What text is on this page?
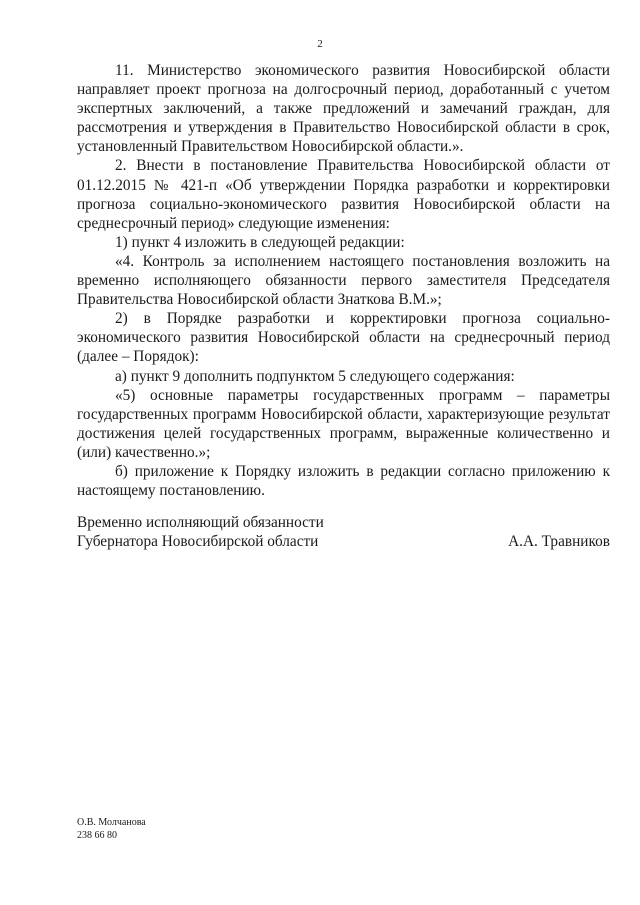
2

11. Министерство экономического развития Новосибирской области направляет проект прогноза на долгосрочный период, доработанный с учетом экспертных заключений, а также предложений и замечаний граждан, для рассмотрения и утверждения в Правительство Новосибирской области в срок, установленный Правительством Новосибирской области.».

2. Внести в постановление Правительства Новосибирской области от 01.12.2015 № 421-п «Об утверждении Порядка разработки и корректировки прогноза социально-экономического развития Новосибирской области на среднесрочный период» следующие изменения:

1) пункт 4 изложить в следующей редакции:

«4. Контроль за исполнением настоящего постановления возложить на временно исполняющего обязанности первого заместителя Председателя Правительства Новосибирской области Знаткова В.М.»;

2) в Порядке разработки и корректировки прогноза социально-экономического развития Новосибирской области на среднесрочный период (далее – Порядок):

а) пункт 9 дополнить подпунктом 5 следующего содержания:

«5) основные параметры государственных программ – параметры государственных программ Новосибирской области, характеризующие результат достижения целей государственных программ, выраженные количественно и (или) качественно.»;

б) приложение к Порядку изложить в редакции согласно приложению к настоящему постановлению.

Временно исполняющий обязанности
Губернатора Новосибирской области	А.А. Травников
О.В. Молчанова
238 66 80
